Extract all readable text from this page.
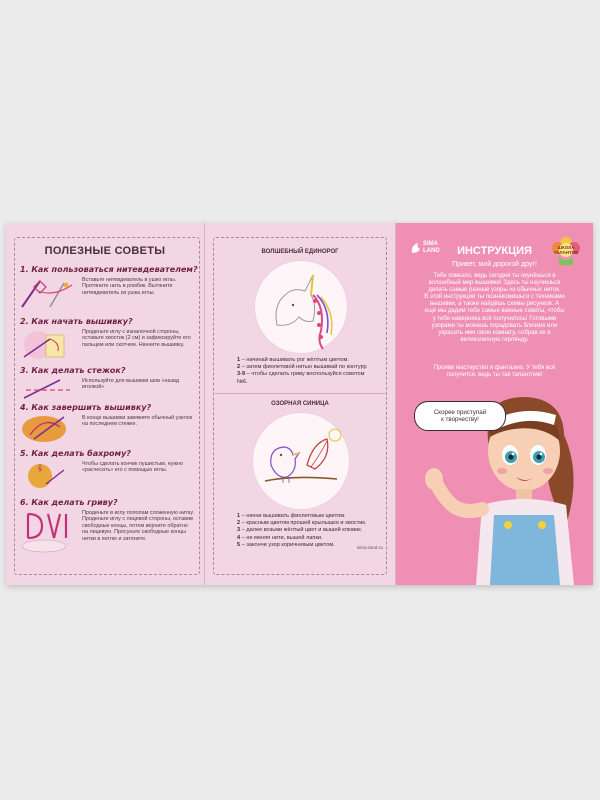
ПОЛЕЗНЫЕ СОВЕТЫ
1. Как пользоваться нитевдевателем?
Вставьте нитевдеватель в ушко иглы. Протяните нить в ромбик. Вытяните нитевдеватель из ушка иглы.
2. Как начать вышивку?
Проденьте иглу с изнаночной стороны, оставьте хвостик (2 см) и зафиксируйте его пальцем или скотчем. Начните вышивку.
3. Как делать стежок?
Используйте для вышивки шов «назад иголкой»
4. Как завершить вышивку?
В конце вышивки завяжите обычный узелок на последнем стежке.
5. Как делать бахрому?
Чтобы сделать кончик пушистым, нужно «расчесать» его с помощью иглы.
6. Как делать гриву?
Проденьте в иглу пополам сложенную нитку. Проденьте иглу с лицевой стороны, оставив свободные концы, потом верните обратно на лицевую. Просуньте свободные концы нитки в петлю и затяните.
ВОЛШЕБНЫЙ ЕДИНОРОГ
1 – начинай вышивать рог жёлтым цветом.
2 – затем фиолетовой нитью вышивай по контуру.
3-9 – чтобы сделать гриву воспользуйся советом
№6.
ОЗОРНАЯ СИНИЦА
1 – начни вышивать фиолетовым цветом.
2 – красным цветом прошей крылышко и хвостик.
3 – далее возьми жёлтый цвет и вышей клювик.
4 – не меняя нити, вышей лапки.
5 – закончи узор коричневым цветом.
sima-land.ru
SIMA
LAND	ШКОЛА
ТАЛАНТОВ
ИНСТРУКЦИЯ
Привет, мой дорогой друг!
Тебе повезло, ведь сегодня ты окунёшься в
волшебный мир вышивки! Здесь ты научишься
делать самые разные узоры из обычных ниток.
В этой инструкции ты познакомишься с техниками
вышивки, а также найдёшь схемы рисунков. А
ещё мы дадим тебе самые важные советы, чтобы
у тебя наверняка всё получилось! Готовыми
узорами ты можешь порадовать близких или
украсить ими свою комнату, собрав их в
великолепную гирлянду.
Прояви мастерство и фантазию. У тебя всё
получится, ведь ты так талантлив!
Скорее приступай
к творчеству!
